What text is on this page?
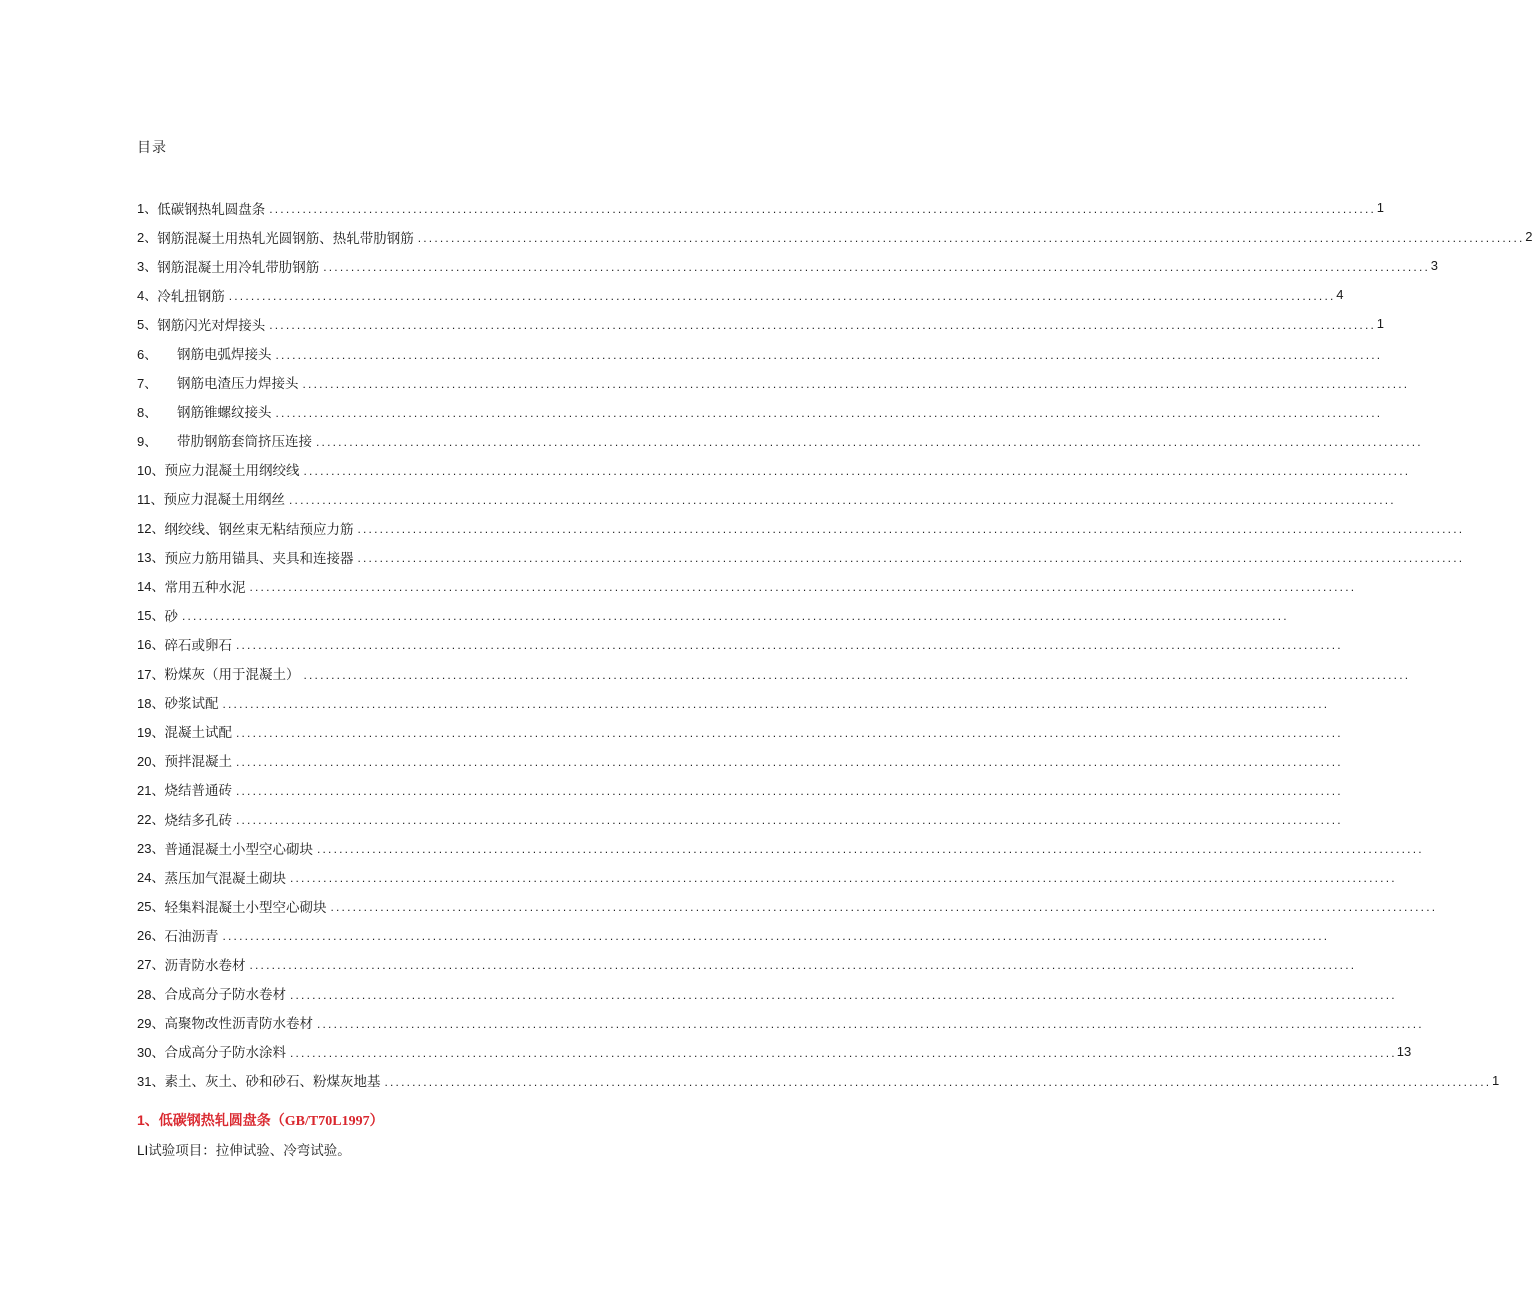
目录
1、 低碳钢热轧圆盘条 ........................................................................................................................................................................................................ 1
2、 钢筋混凝土用热轧光圆钢筋、热轧带肋钢筋 ........................................................................................................................................................................................................ 2
3、 钢筋混凝土用冷轧带肋钢筋 ........................................................................................................................................................................................................ 3
4、 冷轧扭钢筋 ........................................................................................................................................................................................................ 4
5、 钢筋闪光对焊接头 ........................................................................................................................................................................................................ 1
6、	钢筋电弧焊接头 ........................................................................................................................................................................................................
7、	钢筋电渣压力焊接头 ........................................................................................................................................................................................................
8、	钢筋锥螺纹接头 ........................................................................................................................................................................................................
9、	带肋钢筋套筒挤压连接 ........................................................................................................................................................................................................
10、 预应力混凝土用纲绞线 ........................................................................................................................................................................................................
11、 预应力混凝土用纲丝 ........................................................................................................................................................................................................
12、 纲绞线、钢丝束无粘结预应力筋 ........................................................................................................................................................................................................
13、 预应力筋用锚具、夹具和连接器 ........................................................................................................................................................................................................
14、 常用五种水泥 ........................................................................................................................................................................................................
15、 砂 ........................................................................................................................................................................................................
16、 碎石或卵石 ........................................................................................................................................................................................................
17、 粉煤灰（用于混凝土） ........................................................................................................................................................................................................
18、 砂浆试配 ........................................................................................................................................................................................................
19、 混凝土试配 ........................................................................................................................................................................................................
20、 预拌混凝土 ........................................................................................................................................................................................................
21、 烧结普通砖 ........................................................................................................................................................................................................
22、 烧结多孔砖 ........................................................................................................................................................................................................
23、 普通混凝土小型空心砌块 ........................................................................................................................................................................................................
24、 蒸压加气混凝土砌块 ........................................................................................................................................................................................................
25、 轻集料混凝土小型空心砌块 ........................................................................................................................................................................................................
26、 石油沥青 ........................................................................................................................................................................................................
27、 沥青防水卷材 ........................................................................................................................................................................................................
28、 合成高分子防水卷材 ........................................................................................................................................................................................................
29、 高聚物改性沥青防水卷材 ........................................................................................................................................................................................................
30、 合成高分子防水涂料 ........................................................................................................................................................................................................ 13
31、 素土、灰土、砂和砂石、粉煤灰地基 ........................................................................................................................................................................................................ 1
1、低碳钢热轧圆盘条（GB/T70L1997）
LI试验项目：拉伸试验、冷弯试验。
